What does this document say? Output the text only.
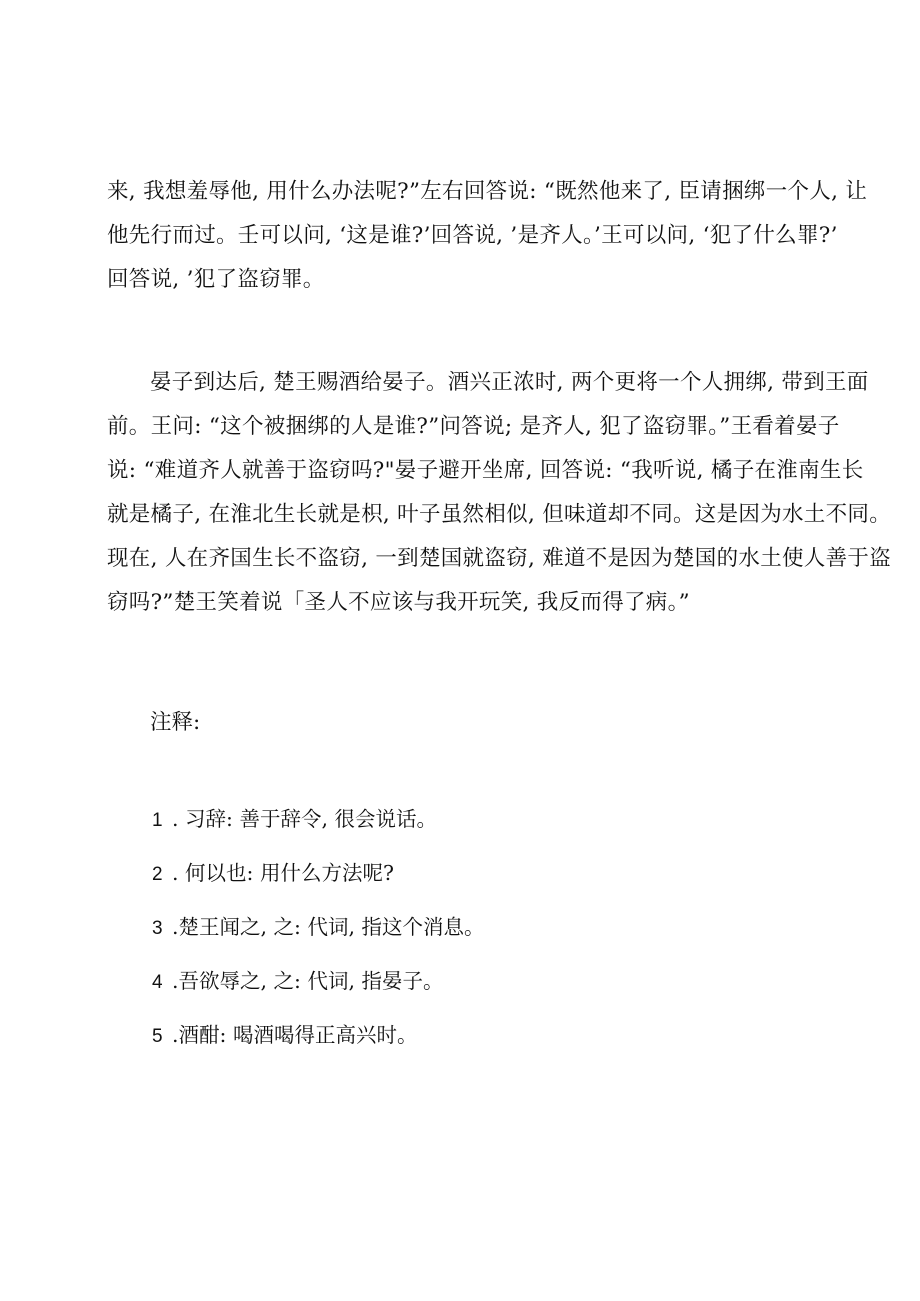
来, 我想羞辱他, 用什么办法呢?”左右回答说: “既然他来了, 臣请捆绑一个人, 让
他先行而过。壬可以问, ‘这是谁?’回答说, ’是齐人。’王可以问, ‘犯了什么罪?’
回答说, ’犯了盗窃罪。

晏子到达后, 楚王赐酒给晏子。酒兴正浓时, 两个更将一个人拥绑, 带到王面
前。王问: “这个被捆绑的人是谁?”问答说; 是齐人, 犯了盗窃罪。”王看着晏子
说: “难道齐人就善于盗窃吗?"晏子避开坐席, 回答说: “我听说, 橘子在淮南生长
就是橘子, 在淮北生长就是枳, 叶子虽然相似, 但味道却不同。这是因为水土不同。
现在, 人在齐国生长不盗窃, 一到楚国就盗窃, 难道不是因为楚国的水土使人善于盗
窃吗?”楚王笑着说「圣人不应该与我开玩笑, 我反而得了病。”

注释:

1 . 习辞: 善于辞令, 很会说话。
2 . 何以也: 用什么方法呢?
3 .楚王闻之, 之: 代词, 指这个消息。
4 .吾欲辱之, 之: 代词, 指晏子。
5 .酒酣: 喝酒喝得正高兴时。
